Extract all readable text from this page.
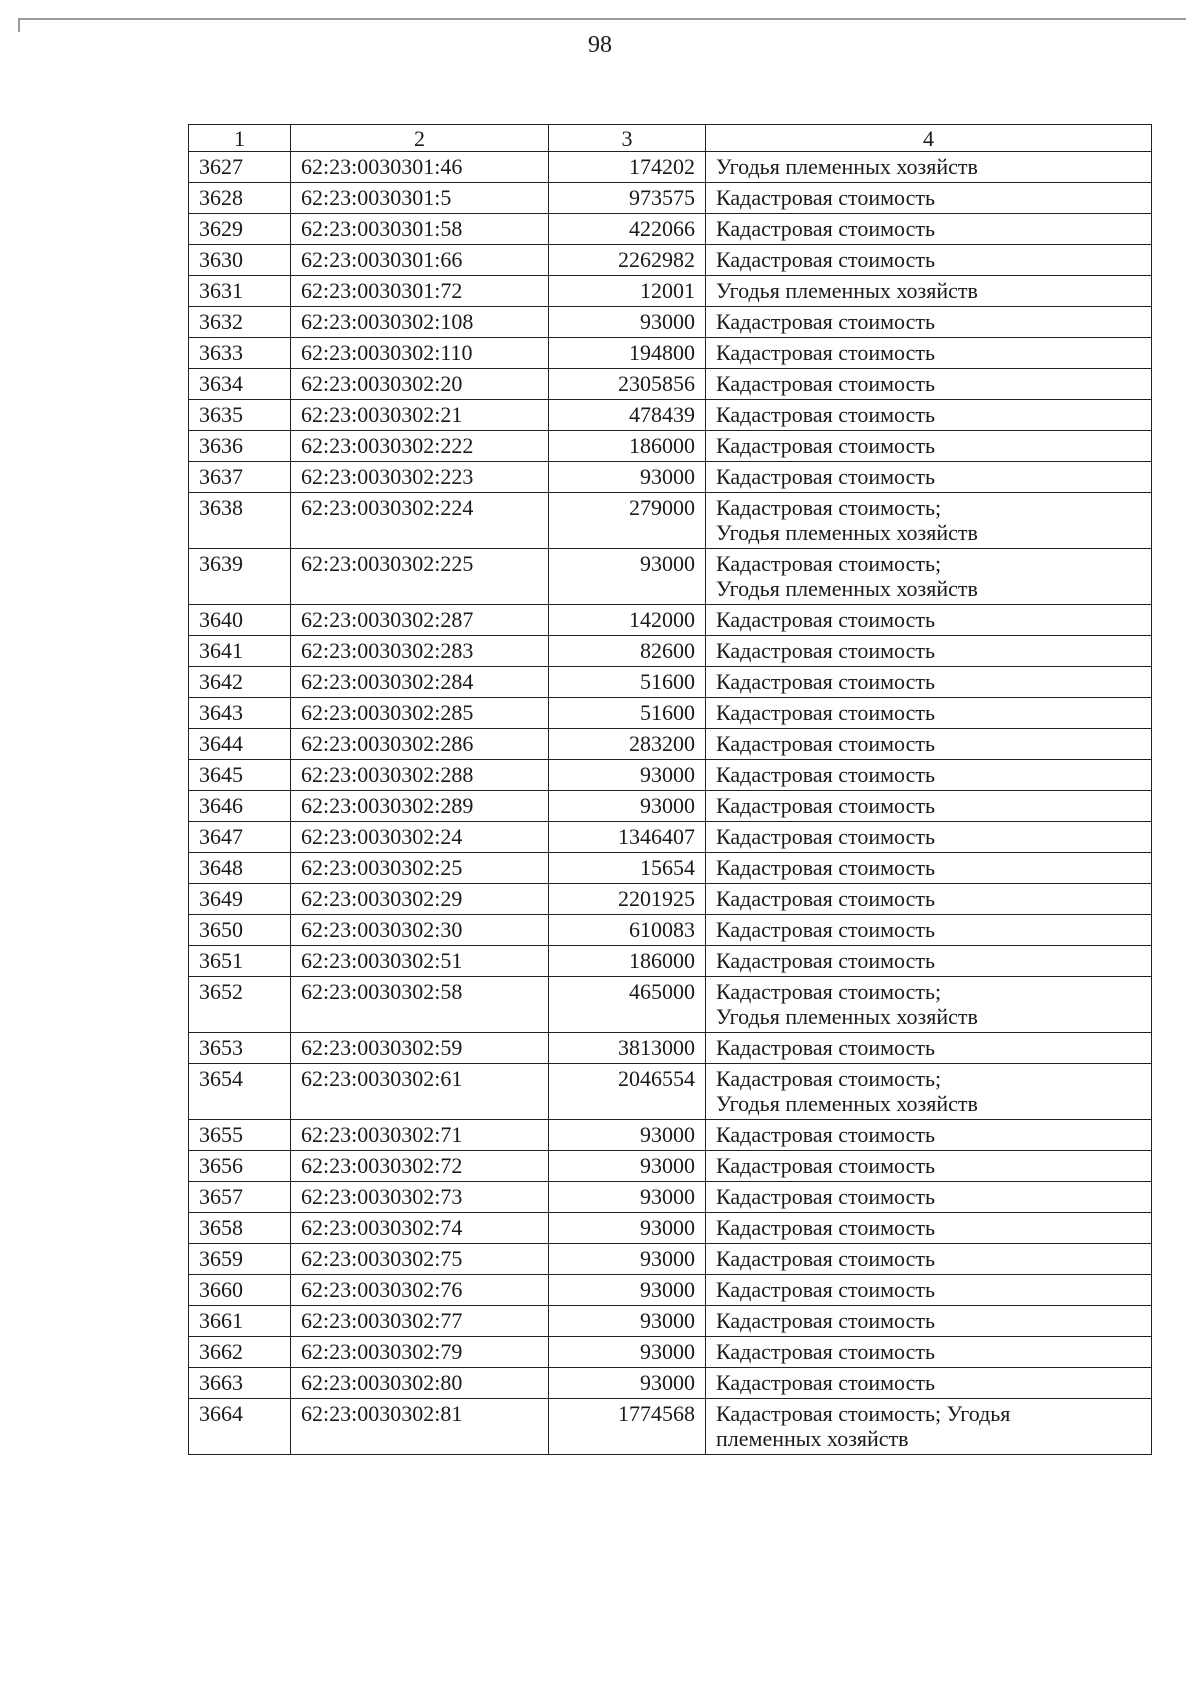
98
1	2	3	4
3627	62:23:0030301:46	174202	Угодья племенных хозяйств
3628	62:23:0030301:5	973575	Кадастровая стоимость
3629	62:23:0030301:58	422066	Кадастровая стоимость
3630	62:23:0030301:66	2262982	Кадастровая стоимость
3631	62:23:0030301:72	12001	Угодья племенных хозяйств
3632	62:23:0030302:108	93000	Кадастровая стоимость
3633	62:23:0030302:110	194800	Кадастровая стоимость
3634	62:23:0030302:20	2305856	Кадастровая стоимость
3635	62:23:0030302:21	478439	Кадастровая стоимость
3636	62:23:0030302:222	186000	Кадастровая стоимость
3637	62:23:0030302:223	93000	Кадастровая стоимость
3638	62:23:0030302:224	279000	Кадастровая стоимость;
Угодья племенных хозяйств
3639	62:23:0030302:225	93000	Кадастровая стоимость;
Угодья племенных хозяйств
3640	62:23:0030302:287	142000	Кадастровая стоимость
3641	62:23:0030302:283	82600	Кадастровая стоимость
3642	62:23:0030302:284	51600	Кадастровая стоимость
3643	62:23:0030302:285	51600	Кадастровая стоимость
3644	62:23:0030302:286	283200	Кадастровая стоимость
3645	62:23:0030302:288	93000	Кадастровая стоимость
3646	62:23:0030302:289	93000	Кадастровая стоимость
3647	62:23:0030302:24	1346407	Кадастровая стоимость
3648	62:23:0030302:25	15654	Кадастровая стоимость
3649	62:23:0030302:29	2201925	Кадастровая стоимость
3650	62:23:0030302:30	610083	Кадастровая стоимость
3651	62:23:0030302:51	186000	Кадастровая стоимость
3652	62:23:0030302:58	465000	Кадастровая стоимость;
Угодья племенных хозяйств
3653	62:23:0030302:59	3813000	Кадастровая стоимость
3654	62:23:0030302:61	2046554	Кадастровая стоимость;
Угодья племенных хозяйств
3655	62:23:0030302:71	93000	Кадастровая стоимость
3656	62:23:0030302:72	93000	Кадастровая стоимость
3657	62:23:0030302:73	93000	Кадастровая стоимость
3658	62:23:0030302:74	93000	Кадастровая стоимость
3659	62:23:0030302:75	93000	Кадастровая стоимость
3660	62:23:0030302:76	93000	Кадастровая стоимость
3661	62:23:0030302:77	93000	Кадастровая стоимость
3662	62:23:0030302:79	93000	Кадастровая стоимость
3663	62:23:0030302:80	93000	Кадастровая стоимость
3664	62:23:0030302:81	1774568	Кадастровая стоимость; Угодья
племенных хозяйств
